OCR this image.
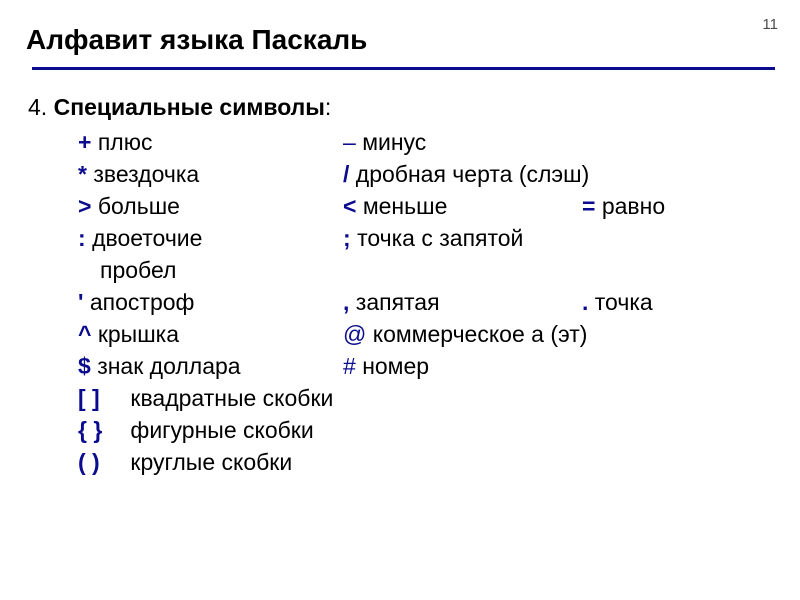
Алфавит языка Паскаль	11
4. Специальные символы:
+ плюс	– минус
* звездочка	/ дробная черта (слэш)
> больше	< меньше	= равно
: двоеточие	; точка с запятой
пробел
' апостроф	, запятая	. точка
^ крышка	@ коммерческое а (эт)
$ знак доллара	# номер
[ ] квадратные скобки
{ } фигурные скобки
( ) круглые скобки
